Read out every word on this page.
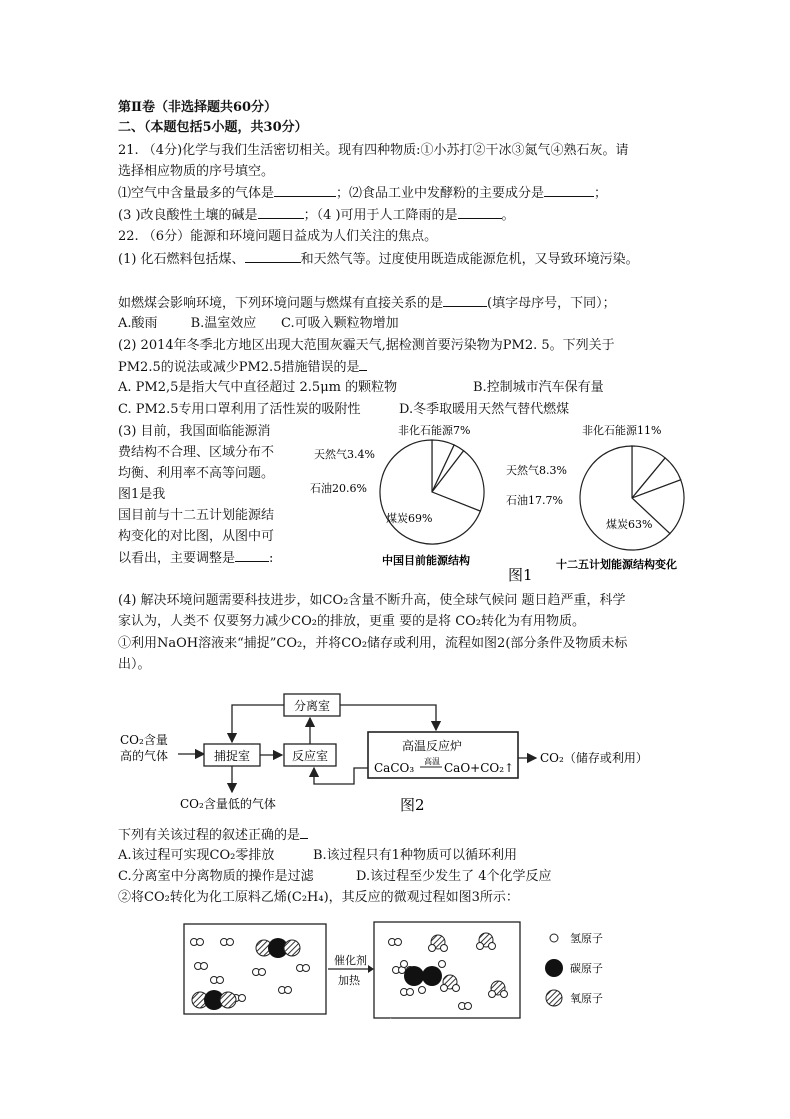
第Ⅱ卷（非选择题共60分）
二、（本题包括5小题，共30分）
21. （4分)化学与我们生活密切相关。现有四种物质:①小苏打②干冰③氮气④熟石灰。请
选择相应物质的序号填空。
⑴空气中含量最多的气体是	；⑵食品工业中发酵粉的主要成分是	；
(3 )改良酸性土壤的碱是	；（4 )可用于人工降雨的是	。
22. （6分）能源和环境问题日益成为人们关注的焦点。
(1) 化石燃料包括煤、	和天然气等。过度使用既造成能源危机，又导致环境污染。
如燃煤会影响环境，下列环境问题与燃煤有直接关系的是	(填字母序号，下同）；
A.酸雨        B.温室效应      C.可吸入颗粒物增加
(2) 2014年冬季北方地区出现大范围灰霾天气,据检测首要污染物为PM2. 5。下列关于
PM2.5的说法或减少PM2.5措施错误的是
A. PM2,5是指大气中直径超过 2.5μm 的颗粒物	B.控制城市汽车保有量
C. PM2.5专用口罩利用了活性炭的吸附性	D.冬季取暖用天然气替代燃煤
(3) 目前，我国面临能源消
费结构不合理、区域分布不
均衡、利用率不高等问题。
图1是我
国目前与十二五计划能源结
构变化的对比图，从图中可
以看出，主要调整是	:
非化石能源7%
天然气3.4%
石油20.6%
煤炭69%
中国目前能源结构
非化石能源11%
天然气8.3%
石油17.7%
煤炭63%
十二五计划能源结构变化
图1
(4) 解决环境问题需要科技进步，如CO₂含量不断升高，使全球气候问 题日趋严重，科学
家认为，人类不 仅要努力减少CO₂的排放，更重 要的是将 CO₂转化为有用物质。
①利用NaOH溶液来“捕捉”CO₂，并将CO₂储存或利用，流程如图2(部分条件及物质未标
出）。
CO₂含量
高的气体	捕捉室	反应室
分离室
高温反应炉
CaCO₃ 高温 CaO+CO₂↑
CO₂（储存或利用）
CO₂含量低的气体	图2
下列有关该过程的叙述正确的是
A.该过程可实现CO₂零排放	B.该过程只有1种物质可以循环利用
C.分离室中分离物质的操作是过滤	D.该过程至少发生了 4个化学反应
②将CO₂转化为化工原料乙烯(C₂H₄)，其反应的微观过程如图3所示：
催化剂
加热
氢原子
碳原子
氧原子
图3
